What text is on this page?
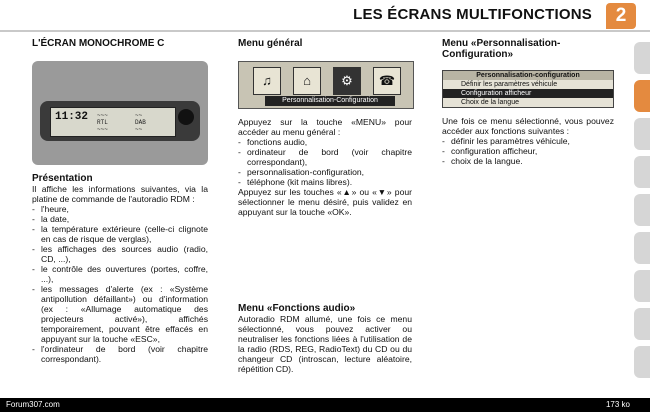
LES ÉCRANS MULTIFONCTIONS	2
L'ÉCRAN MONOCHROME C
11:32 ~~~
RTL
~~~
~~
DAB
~~
Présentation

Il affiche les informations suivantes, via la platine de commande de l'autoradio RDM :

- l'heure,
- la date,
- la température extérieure (celle-ci clignote en cas de risque de verglas),
- les affichages des sources audio (radio, CD, ...),
- le contrôle des ouvertures (portes, coffre, ...),
- les messages d'alerte (ex : «Système antipollution défaillant») ou d'information (ex : «Allumage automatique des projecteurs activé»), affichés temporairement, pouvant être effacés en appuyant sur la touche «ESC»,
- l'ordinateur de bord (voir chapitre correspondant).
Menu général
♫	⌂	⚙	☎
Personnalisation-Configuration

Appuyez sur la touche «MENU» pour accéder au menu général :

- fonctions audio,
- ordinateur de bord (voir chapitre correspondant),
- personnalisation-configuration,
- téléphone (kit mains libres).

Appuyez sur les touches «▲» ou «▼» pour sélectionner le menu désiré, puis validez en appuyant sur la touche «OK».

Menu «Fonctions audio»

Autoradio RDM allumé, une fois ce menu sélectionné, vous pouvez activer ou neutraliser les fonctions liées à l'utilisation de la radio (RDS, REG, RadioText) du CD ou du changeur CD (introscan, lecture aléatoire, répétition CD).

Menu «Personnalisation-Configuration»
Personnalisation-configuration
Définir les paramètres véhicule
Configuration afficheur
Choix de la langue

Une fois ce menu sélectionné, vous pouvez accéder aux fonctions suivantes :

- définir les paramètres véhicule,
- configuration afficheur,
- choix de la langue.
Forum307.com	173 ko
